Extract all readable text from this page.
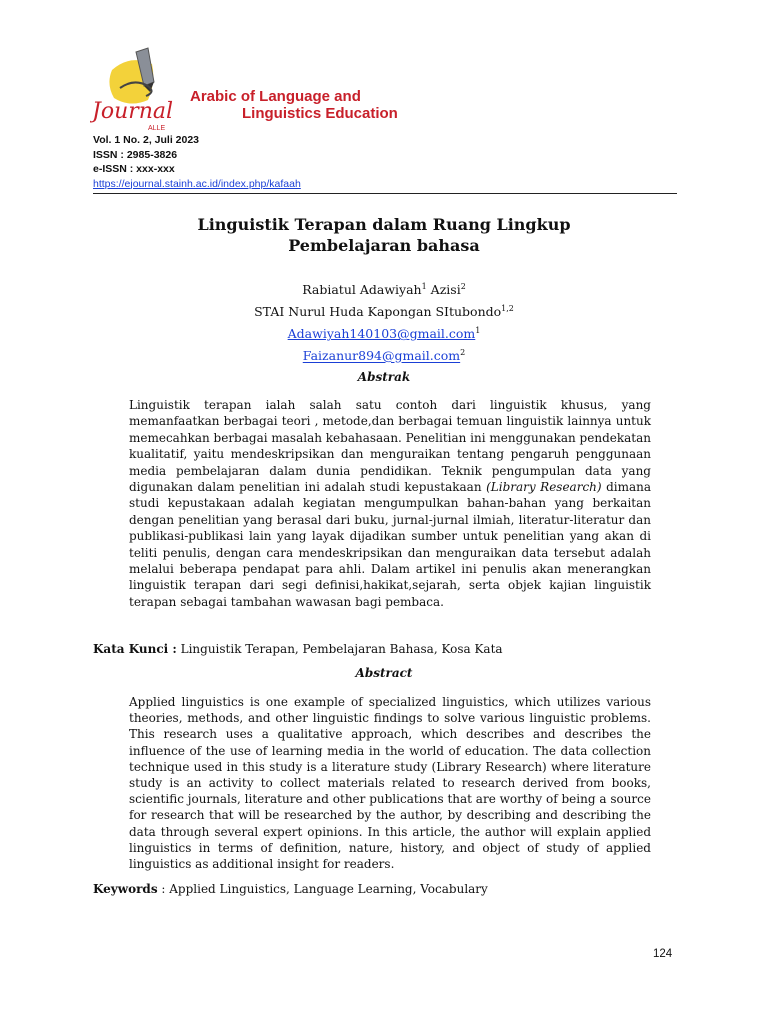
Journal
ALLE
Arabic of Language and
Linguistics Education
Vol. 1 No. 2, Juli 2023
ISSN : 2985-3826
e-ISSN : xxx-xxx
https://ejournal.stainh.ac.id/index.php/kafaah
Linguistik Terapan dalam Ruang Lingkup
Pembelajaran bahasa
Rabiatul Adawiyah$^1$ Azisi$^2$
STAI Nurul Huda Kapongan SItubondo$^{1,2}$
Adawiyah140103@gmail.com$^1$
Faizanur894@gmail.com$^2$
Abstrak
Linguistik terapan ialah salah satu contoh dari linguistik khusus, yang memanfaatkan berbagai teori , metode,dan berbagai temuan linguistik lainnya untuk memecahkan berbagai masalah kebahasaan. Penelitian ini menggunakan pendekatan kualitatif, yaitu mendeskripsikan dan menguraikan tentang pengaruh penggunaan media pembelajaran dalam dunia pendidikan. Teknik pengumpulan data yang digunakan dalam penelitian ini adalah studi kepustakaan (Library Research) dimana studi kepustakaan adalah kegiatan mengumpulkan bahan-bahan yang berkaitan dengan penelitian yang berasal dari buku, jurnal-jurnal ilmiah, literatur-literatur dan publikasi-publikasi lain yang layak dijadikan sumber untuk penelitian yang akan di teliti penulis, dengan cara mendeskripsikan dan menguraikan data tersebut adalah melalui beberapa pendapat para ahli. Dalam artikel ini penulis akan menerangkan linguistik terapan dari segi definisi,hakikat,sejarah, serta objek kajian linguistik terapan sebagai tambahan wawasan bagi pembaca.
Kata Kunci : Linguistik Terapan, Pembelajaran Bahasa, Kosa Kata
Abstract
Applied linguistics is one example of specialized linguistics, which utilizes various theories, methods, and other linguistic findings to solve various linguistic problems. This research uses a qualitative approach, which describes and describes the influence of the use of learning media in the world of education. The data collection technique used in this study is a literature study (Library Research) where literature study is an activity to collect materials related to research derived from books, scientific journals, literature and other publications that are worthy of being a source for research that will be researched by the author, by describing and describing the data through several expert opinions. In this article, the author will explain applied linguistics in terms of definition, nature, history, and object of study of applied linguistics as additional insight for readers.
Keywords : Applied Linguistics, Language Learning, Vocabulary
124
